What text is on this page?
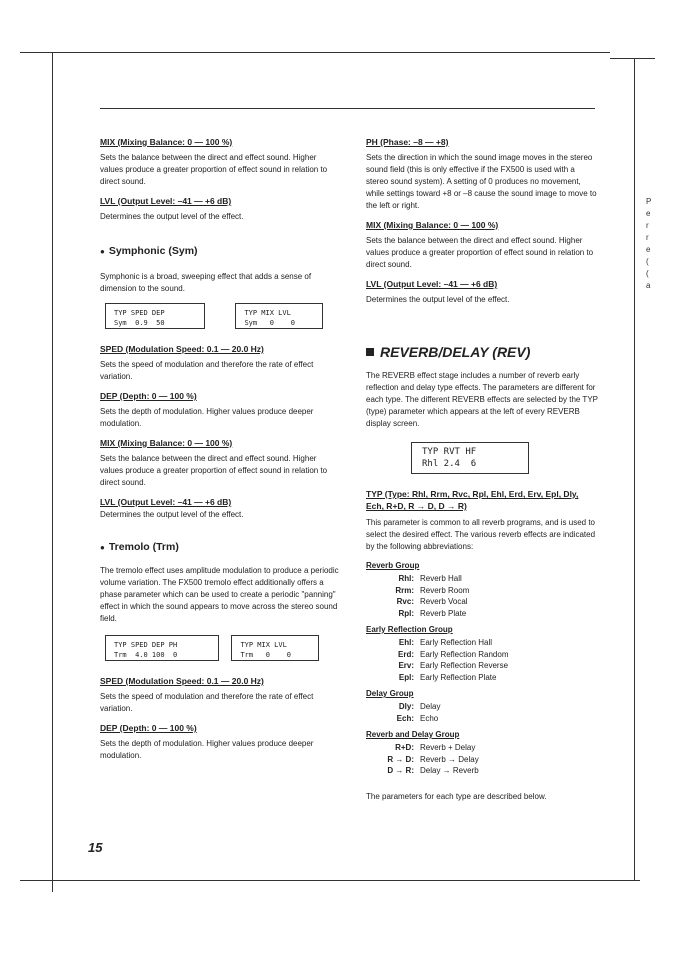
MIX (Mixing Balance: 0 — 100 %)
Sets the balance between the direct and effect sound. Higher values produce a greater proportion of effect sound in relation to direct sound.
LVL (Output Level: –41 — +6 dB)
Determines the output level of the effect.
● Symphonic (Sym)
Symphonic is a broad, sweeping effect that adds a sense of dimension to the sound.
TYP SPED DEP
Sym  0.9  50 TYP MIX LVL
Sym   0    0
SPED (Modulation Speed: 0.1 — 20.0 Hz)
Sets the speed of modulation and therefore the rate of effect variation.
DEP (Depth: 0 — 100 %)
Sets the depth of modulation. Higher values produce deeper modulation.
MIX (Mixing Balance: 0 — 100 %)
Sets the balance between the direct and effect sound. Higher values produce a greater proportion of effect sound in relation to direct sound.
LVL (Output Level: –41 — +6 dB)
Determines the output level of the effect.
● Tremolo (Trm)
The tremolo effect uses amplitude modulation to produce a periodic volume variation. The FX500 tremolo effect additionally offers a phase parameter which can be used to create a periodic "panning" effect in which the sound appears to move across the stereo sound field.
TYP SPED DEP PH
Trm  4.0 100  0 TYP MIX LVL
Trm   0    0
SPED (Modulation Speed: 0.1 — 20.0 Hz)
Sets the speed of modulation and therefore the rate of effect variation.
DEP (Depth: 0 — 100 %)
Sets the depth of modulation. Higher values produce deeper modulation.
15
PH (Phase: –8 — +8)
Sets the direction in which the sound image moves in the stereo sound field (this is only effective if the FX500 is used with a stereo sound system). A setting of 0 produces no movement, while settings toward +8 or –8 cause the sound image to move to the left or right.
MIX (Mixing Balance: 0 — 100 %)
Sets the balance between the direct and effect sound. Higher values produce a greater proportion of effect sound in relation to direct sound.
LVL (Output Level: –41 — +6 dB)
Determines the output level of the effect.
REVERB/DELAY (REV)
The REVERB effect stage includes a number of reverb early reflection and delay type effects. The parameters are different for each type. The different REVERB effects are selected by the TYP (type) parameter which appears at the left of every REVERB display screen.
TYP RVT HF
Rhl 2.4  6
TYP (Type: Rhl, Rrm, Rvc, Rpl, Ehl, Erd, Erv, Epl, Dly, Ech, R+D, R → D, D → R)
This parameter is common to all reverb programs, and is used to select the desired effect. The various reverb effects are indicated by the following abbreviations:
Reverb Group
Rhl: Reverb Hall
Rrm: Reverb Room
Rvc: Reverb Vocal
Rpl: Reverb Plate
Early Reflection Group
Ehl: Early Reflection Hall
Erd: Early Reflection Random
Erv: Early Reflection Reverse
Epl: Early Reflection Plate
Delay Group
Dly: Delay
Ech: Echo
Reverb and Delay Group
R+D: Reverb + Delay
R → D: Reverb → Delay
D → R: Delay → Reverb
The parameters for each type are described below.
P
e
r
r
e
(
(
a
